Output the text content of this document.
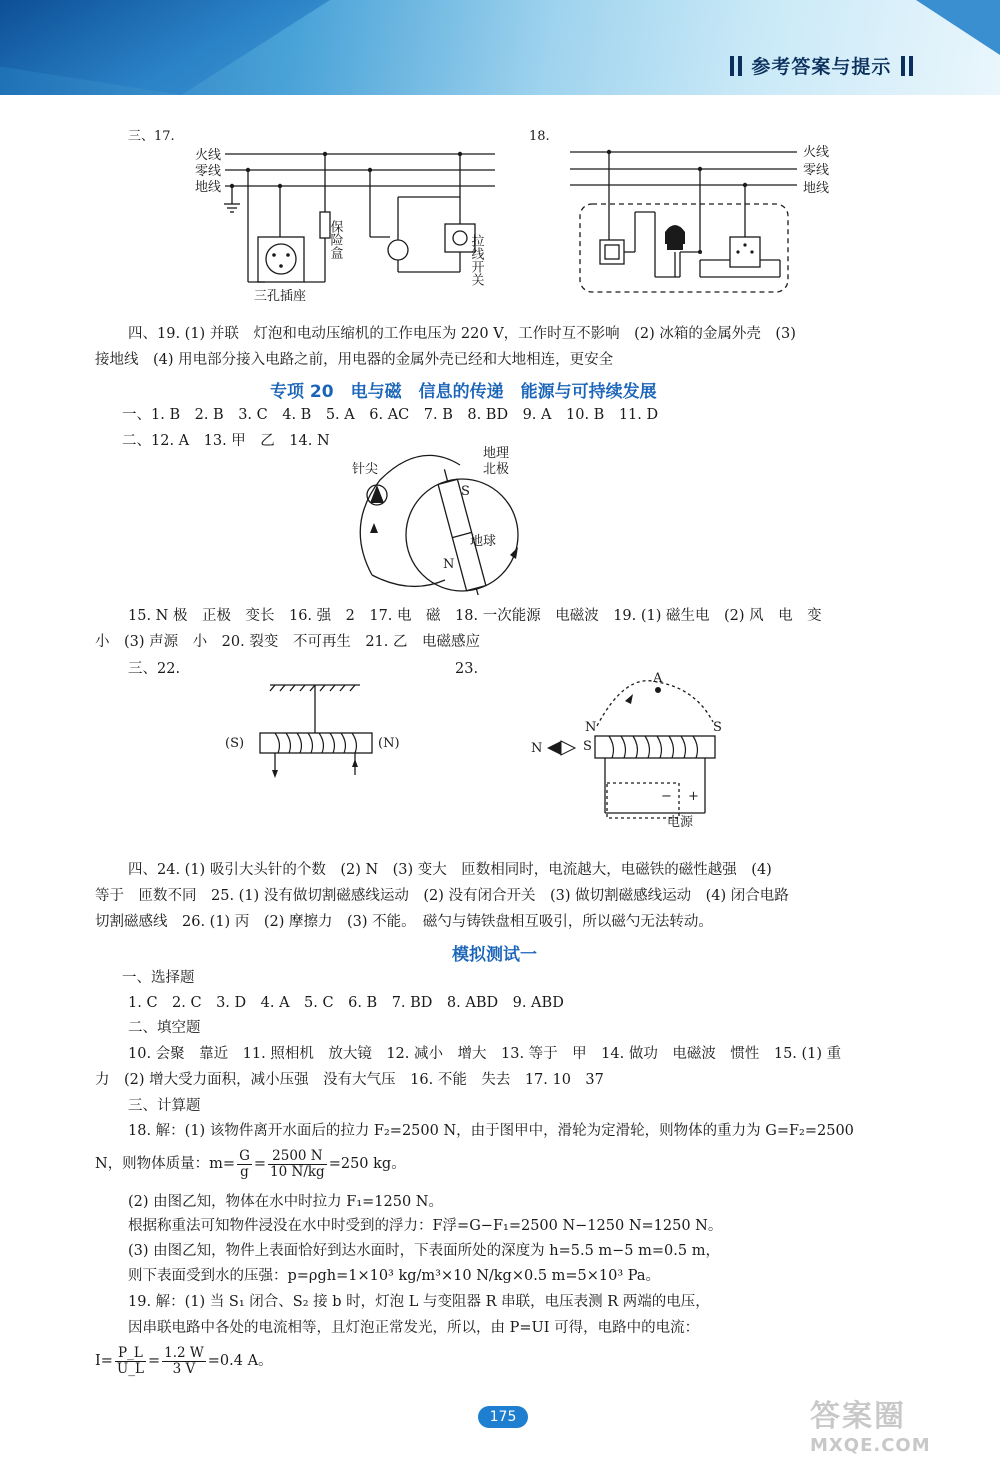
参考答案与提示
三、17.
火线
零线
地线
保险盒	拉线开关
三孔插座
18.
火线
零线
地线
四、19. (1) 并联　灯泡和电动压缩机的工作电压为 220 V，工作时互不影响　(2) 冰箱的金属外壳　(3)
接地线　(4) 用电部分接入电路之前，用电器的金属外壳已经和大地相连，更安全
专项 20　电与磁　信息的传递　能源与可持续发展
一、1. B　2. B　3. C　4. B　5. A　6. AC　7. B　8. BD　9. A　10. B　11. D
二、12. A　13. 甲　乙　14. N
针尖
地理
北极
地球
S
N
15. N 极　正极　变长　16. 强　2　17. 电　磁　18. 一次能源　电磁波　19. (1) 磁生电　(2) 风　电　变
小　(3) 声源　小　20. 裂变　不可再生　21. 乙　电磁感应
三、22.	23.
(S)	(N)
A
N
S
S
N
电源
− +
四、24. (1) 吸引大头针的个数　(2) N　(3) 变大　匝数相同时，电流越大，电磁铁的磁性越强　(4)
等于　匝数不同　25. (1) 没有做切割磁感线运动　(2) 没有闭合开关　(3) 做切割磁感线运动　(4) 闭合电路
切割磁感线　26. (1) 丙　(2) 摩擦力　(3) 不能。　磁勺与铸铁盘相互吸引，所以磁勺无法转动。
模拟测试一
一、选择题
1. C　2. C　3. D　4. A　5. C　6. B　7. BD　8. ABD　9. ABD
二、填空题
10. 会聚　靠近　11. 照相机　放大镜　12. 减小　增大　13. 等于　甲　14. 做功　电磁波　惯性　15. (1) 重
力　(2) 增大受力面积，减小压强　没有大气压　16. 不能　失去　17. 10　37
三、计算题
18. 解：(1) 该物件离开水面后的拉力 F₂=2500 N，由于图甲中，滑轮为定滑轮，则物体的重力为 G=F₂=2500
N，则物体质量：$m= \frac{G}{g} = \frac{2500 N}{10 N/kg} =250$ kg。
(2) 由图乙知，物体在水中时拉力 F₁=1250 N。
根据称重法可知物件浸没在水中时受到的浮力：F浮=G−F₁=2500 N−1250 N=1250 N。
(3) 由图乙知，物件上表面恰好到达水面时，下表面所处的深度为 h=5.5 m−5 m=0.5 m，
则下表面受到水的压强：p=ρgh=1×10³ kg/m³×10 N/kg×0.5 m=5×10³ Pa。
19. 解：(1) 当 S₁ 闭合、S₂ 接 b 时，灯泡 L 与变阻器 R 串联，电压表测 R 两端的电压，
因串联电路中各处的电流相等，且灯泡正常发光，所以，由 P=UI 可得，电路中的电流：
$I= \frac{P\_L}{U\_L} = \frac{1.2 W}{3 V} =0.4$ A。
175	答案圈
MXQE.COM
